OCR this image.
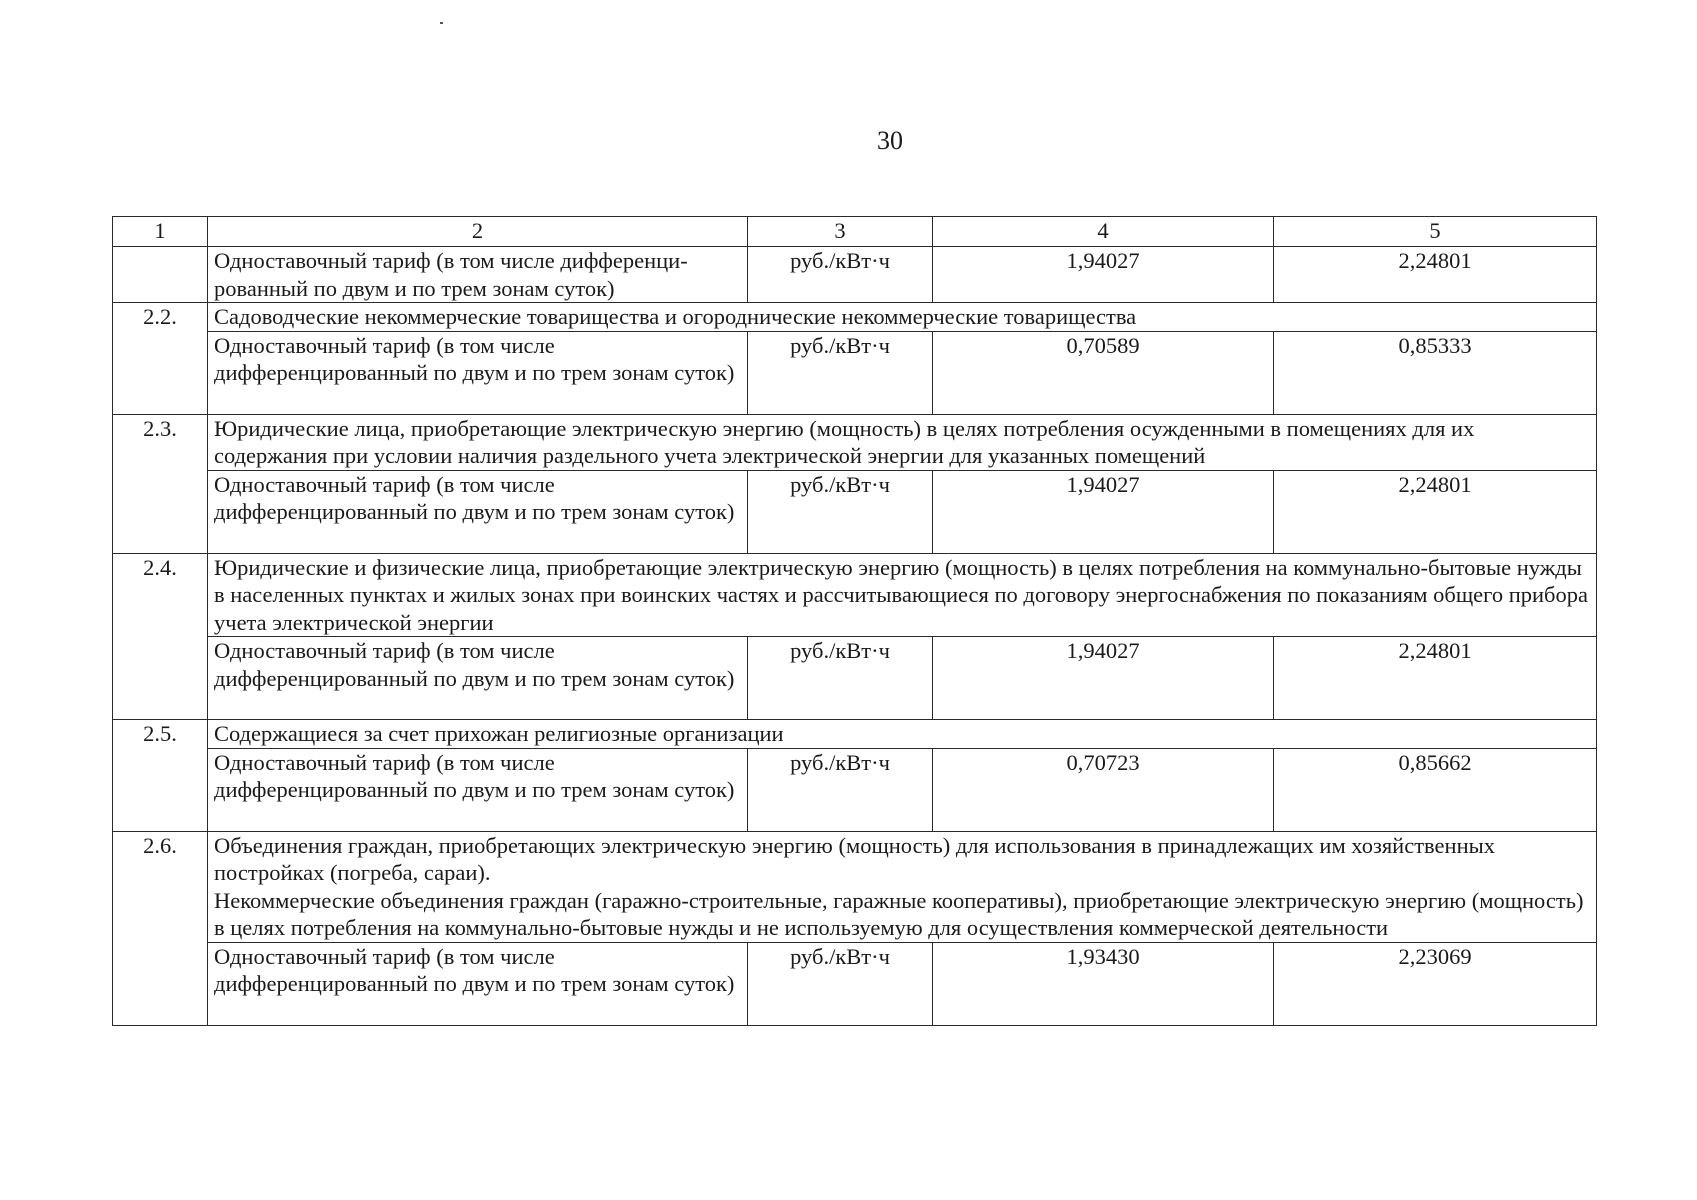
30
1	2	3	4	5
	Одноставочный тариф (в том числе дифференци-рованный по двум и по трем зонам суток)	руб./кВт·ч	1,94027	2,24801
2.2.	Садоводческие некоммерческие товарищества и огороднические некоммерческие товарищества			
	Одноставочный тариф (в том числе дифференцированный по двум и по трем зонам суток)	руб./кВт·ч	0,70589	0,85333
2.3.	Юридические лица, приобретающие электрическую энергию (мощность) в целях потребления осужденными в помещениях для их содержания при условии наличия раздельного учета электрической энергии для указанных помещений			
	Одноставочный тариф (в том числе дифференцированный по двум и по трем зонам суток)	руб./кВт·ч	1,94027	2,24801
2.4.	Юридические и физические лица, приобретающие электрическую энергию (мощность) в целях потребления на коммунально-бытовые нужды в населенных пунктах и жилых зонах при воинских частях и рассчитывающиеся по договору энергоснабжения по показаниям общего прибора учета электрической энергии			
	Одноставочный тариф (в том числе дифференцированный по двум и по трем зонам суток)	руб./кВт·ч	1,94027	2,24801
2.5.	Содержащиеся за счет прихожан религиозные организации			
	Одноставочный тариф (в том числе дифференцированный по двум и по трем зонам суток)	руб./кВт·ч	0,70723	0,85662
2.6.	Объединения граждан, приобретающих электрическую энергию (мощность) для использования в принадлежащих им хозяйственных постройках (погреба, сараи).
Некоммерческие объединения граждан (гаражно-строительные, гаражные кооперативы), приобретающие электрическую энергию (мощность) в целях потребления на коммунально-бытовые нужды и не используемую для осуществления коммерческой деятельности			

	Одноставочный тариф (в том числе дифференцированный по двум и по трем зонам суток)	руб./кВт·ч	1,93430	2,23069
